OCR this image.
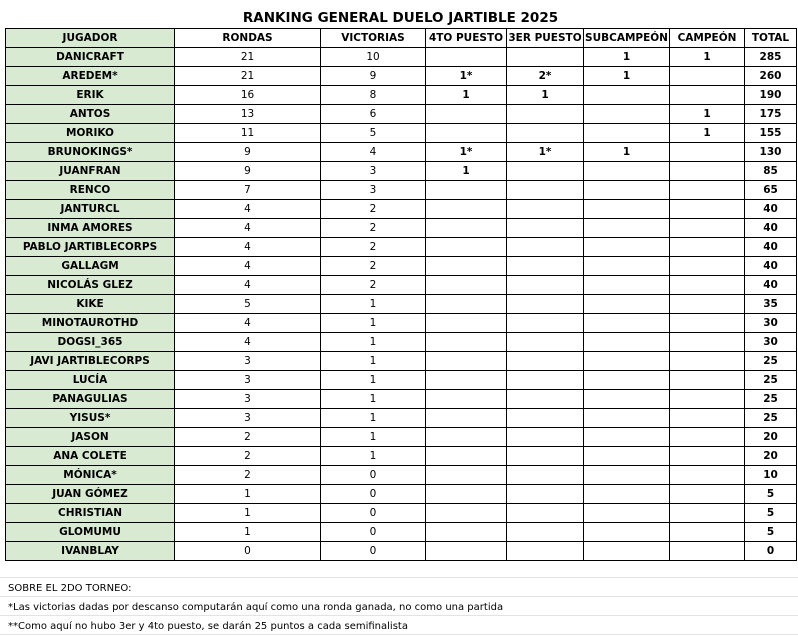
RANKING GENERAL DUELO JARTIBLE 2025
JUGADOR	RONDAS	VICTORIAS	4TO PUESTO	3ER PUESTO	SUBCAMPEÓN	CAMPEÓN	TOTAL
DANICRAFT	21	10			1	1	285
AREDEM*	21	9	1*	2*	1		260
ERIK	16	8	1	1			190
ANTOS	13	6				1	175
MORIKO	11	5				1	155
BRUNOKINGS*	9	4	1*	1*	1		130
JUANFRAN	9	3	1				85
RENCO	7	3					65
JANTURCL	4	2					40
INMA AMORES	4	2					40
PABLO JARTIBLECORPS	4	2					40
GALLAGM	4	2					40
NICOLÁS GLEZ	4	2					40
KIKE	5	1					35
MINOTAUROTHD	4	1					30
DOGSI_365	4	1					30
JAVI JARTIBLECORPS	3	1					25
LUCÍA	3	1					25
PANAGULIAS	3	1					25
YISUS*	3	1					25
JASON	2	1					20
ANA COLETE	2	1					20
MÓNICA*	2	0					10
JUAN GÓMEZ	1	0					5
CHRISTIAN	1	0					5
GLOMUMU	1	0					5
IVANBLAY	0	0					0
SOBRE EL 2DO TORNEO:
*Las victorias dadas por descanso computarán aquí como una ronda ganada, no como una partida
**Como aquí no hubo 3er y 4to puesto, se darán 25 puntos a cada semifinalista
